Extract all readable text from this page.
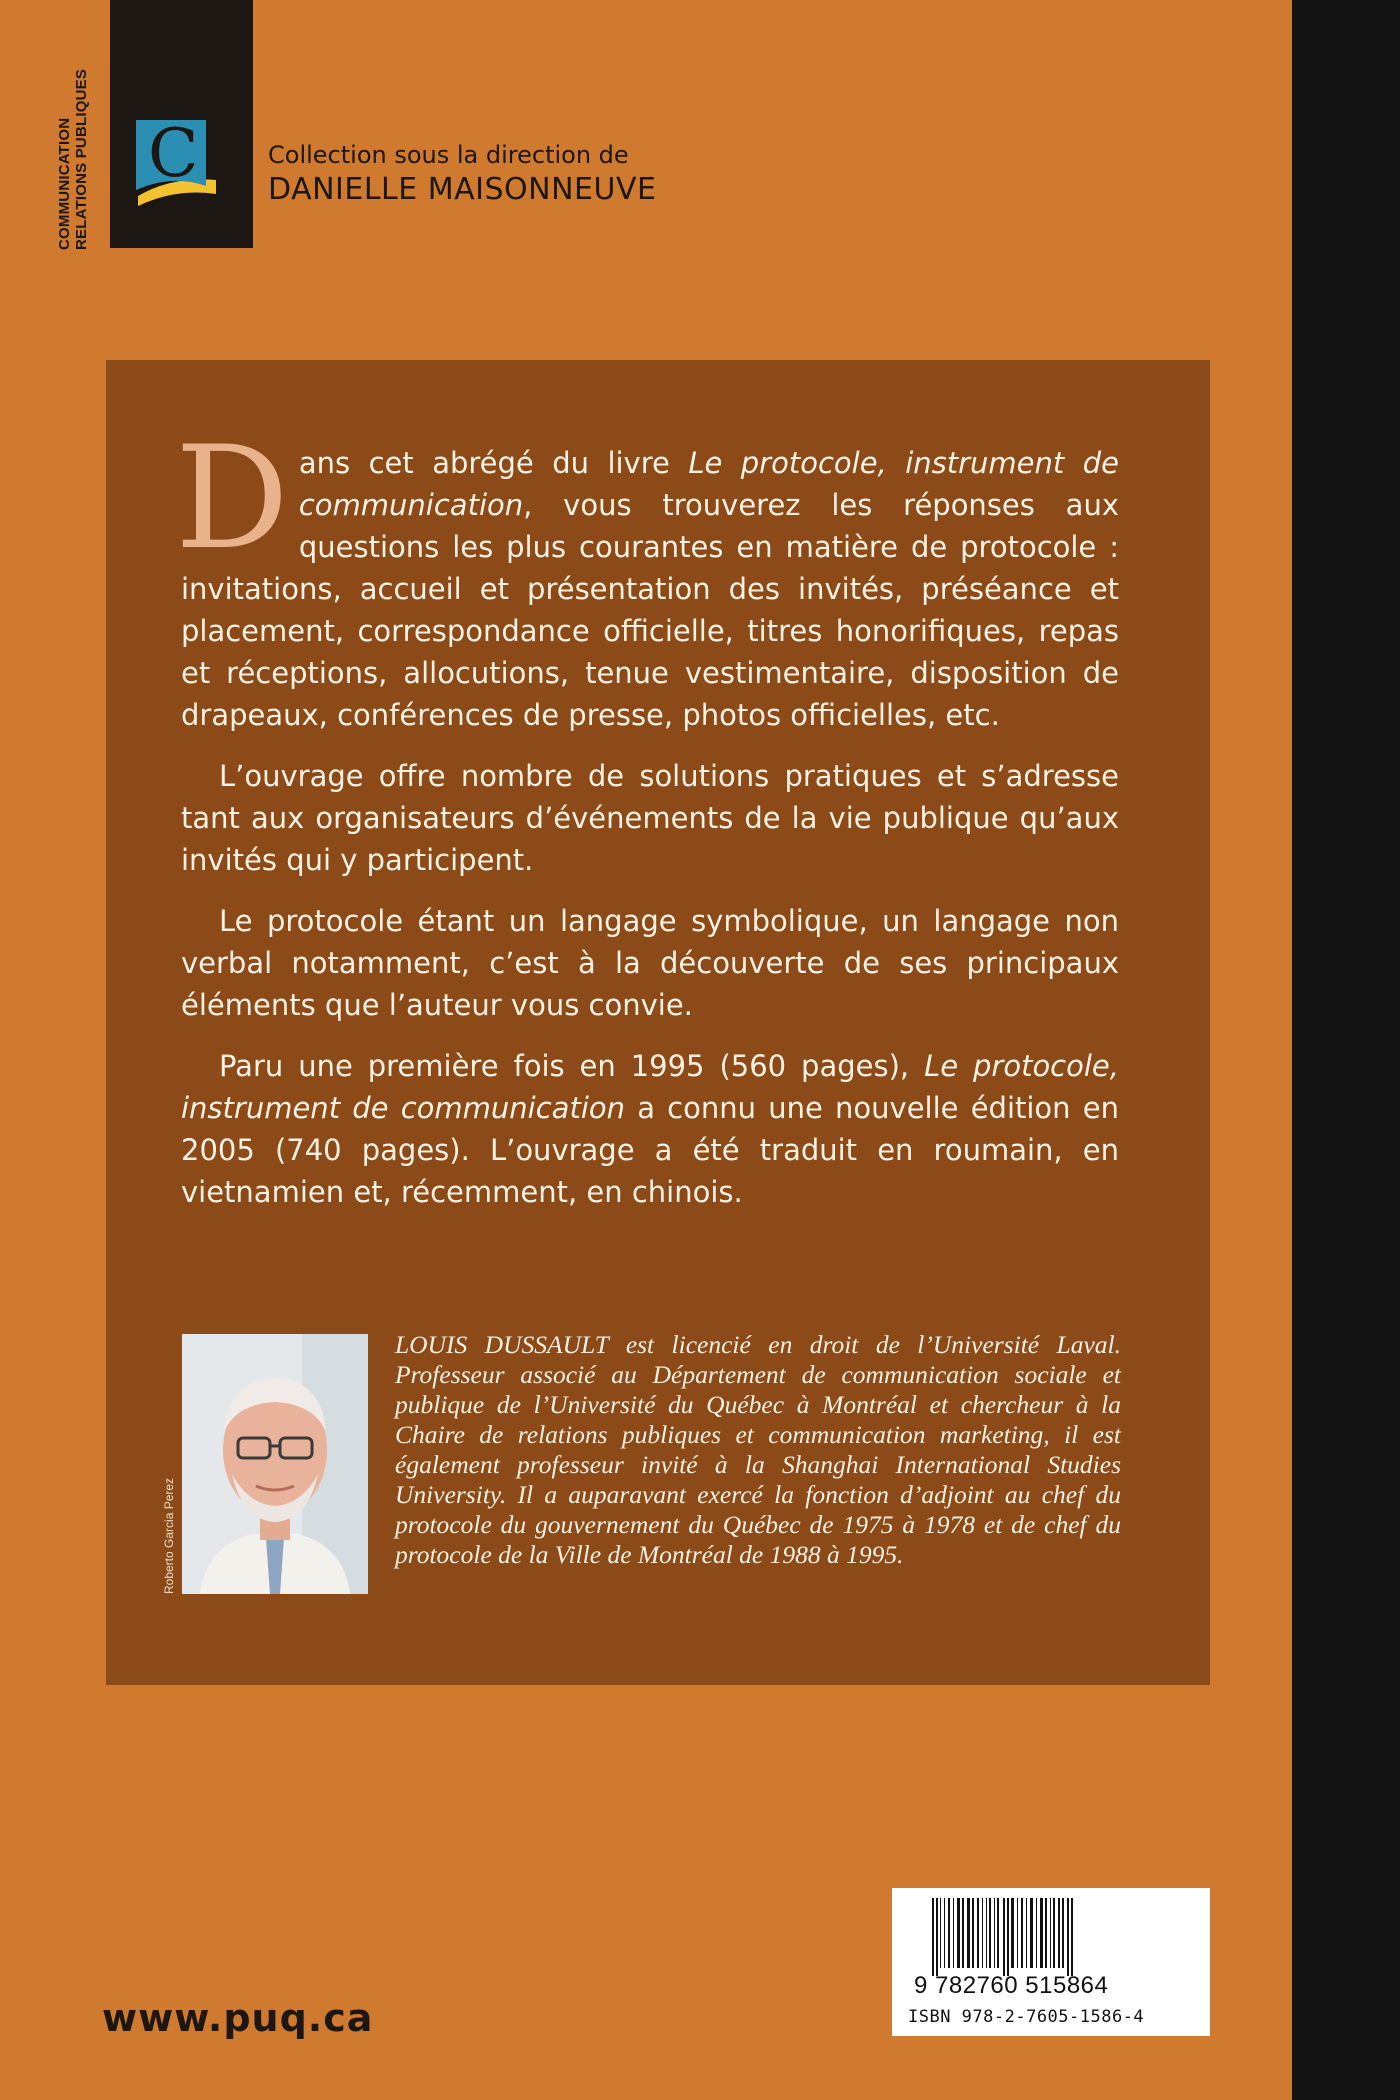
COMMUNICATION RELATIONS PUBLIQUES C	Collection sous la direction de
DANIELLE MAISONNEUVE

Dans cet abrégé du livre Le protocole, instrument de communication, vous trouverez les réponses aux questions les plus courantes en matière de protocole : invitations, accueil et présentation des invités, préséance et placement, correspondance officielle, titres honorifiques, repas et réceptions, allocutions, tenue vestimentaire, disposition de drapeaux, conférences de presse, photos officielles, etc.

L’ouvrage offre nombre de solutions pratiques et s’adresse tant aux organisateurs d’événements de la vie publique qu’aux invités qui y participent.

Le protocole étant un langage symbolique, un langage non verbal notamment, c’est à la découverte de ses principaux éléments que l’auteur vous convie.

Paru une première fois en 1995 (560 pages), Le protocole, instrument de communication a connu une nouvelle édition en 2005 (740 pages). L’ouvrage a été traduit en roumain, en vietnamien et, récemment, en chinois.

Roberto Garcia Perez

LOUIS DUSSAULT est licencié en droit de l’Université Laval. Professeur associé au Département de communication sociale et publique de l’Université du Québec à Montréal et chercheur à la Chaire de relations publiques et communication marketing, il est également professeur invité à la Shanghai International Studies University. Il a auparavant exercé la fonction d’adjoint au chef du protocole du gouvernement du Québec de 1975 à 1978 et de chef du protocole de la Ville de Montréal de 1988 à 1995.

9 782760 515864
ISBN 978-2-7605-1586-4
www.puq.ca
